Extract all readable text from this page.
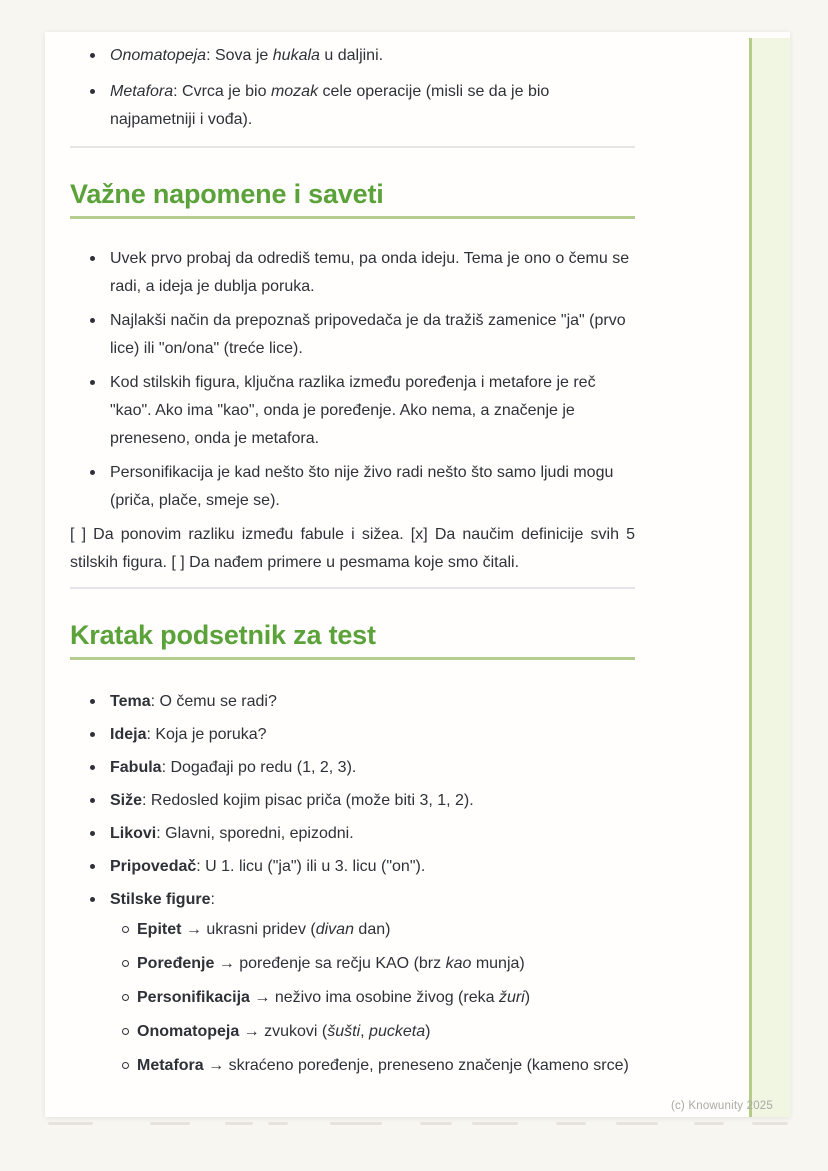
Onomatopeja: Sova je hukala u daljini.
Metafora: Cvrca je bio mozak cele operacije (misli se da je bio najpametniji i vođa).
Važne napomene i saveti
Uvek prvo probaj da odrediš temu, pa onda ideju. Tema je ono o čemu se radi, a ideja je dublja poruka.
Najlakši način da prepoznaš pripovedača je da tražiš zamenice "ja" (prvo lice) ili "on/ona" (treće lice).
Kod stilskih figura, ključna razlika između poređenja i metafore je reč "kao". Ako ima "kao", onda je poređenje. Ako nema, a značenje je preneseno, onda je metafora.
Personifikacija je kad nešto što nije živo radi nešto što samo ljudi mogu (priča, plače, smeje se).

[ ] Da ponovim razliku između fabule i sižea. [x] Da naučim definicije svih 5 stilskih figura. [ ] Da nađem primere u pesmama koje smo čitali.

Kratak podsetnik za test
Tema: O čemu se radi?
Ideja: Koja je poruka?
Fabula: Događaji po redu (1, 2, 3).
Siže: Redosled kojim pisac priča (može biti 3, 1, 2).
Likovi: Glavni, sporedni, epizodni.
Pripovedač: U 1. licu ("ja") ili u 3. licu ("on").
Stilske figure:
Epitet → ukrasni pridev (divan dan)
Poređenje → poređenje sa rečju KAO (brz kao munja)
Personifikacija → neživo ima osobine živog (reka žuri)
Onomatopeja → zvukovi (šušti, pucketa)
Metafora → skraćeno poređenje, preneseno značenje (kameno srce)
(c) Knowunity 2025
